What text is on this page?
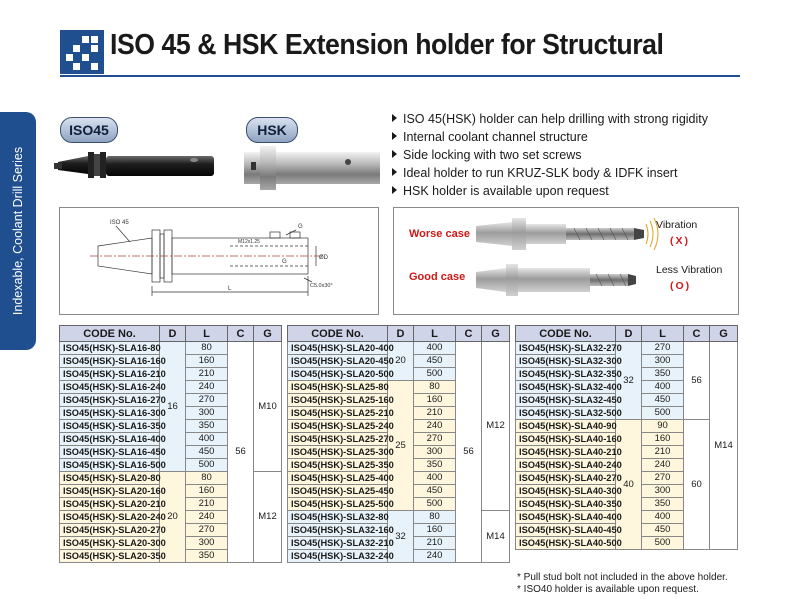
ISO 45 & HSK Extension holder for Structural
Indexable, Coolant Drill Series
ISO45	HSK
ISO 45(HSK) holder can help drilling with strong rigidity
Internal coolant channel structure
Side locking with two set screws
Ideal holder to run KRUZ-SLK body & IDFK insert
HSK holder is available upon request
ISO 45
G
M12x1.25
G
ØD
C5.0x30°
L
Worse case
Good case
Vibration
(X)
Less Vibration
(O)
CODE No.	D	L	C	G
ISO45(HSK)-SLA16-80	16	80	56	M10
ISO45(HSK)-SLA16-160		160		
ISO45(HSK)-SLA16-210		210		
ISO45(HSK)-SLA16-240		240		
ISO45(HSK)-SLA16-270		270		
ISO45(HSK)-SLA16-300		300		
ISO45(HSK)-SLA16-350		350		
ISO45(HSK)-SLA16-400		400		
ISO45(HSK)-SLA16-450		450		
ISO45(HSK)-SLA16-500		500		
ISO45(HSK)-SLA20-80	20	80		M12
ISO45(HSK)-SLA20-160		160		
ISO45(HSK)-SLA20-210		210		
ISO45(HSK)-SLA20-240		240		
ISO45(HSK)-SLA20-270		270		
ISO45(HSK)-SLA20-300		300		
ISO45(HSK)-SLA20-350		350		
CODE No.	D	L	C	G
ISO45(HSK)-SLA20-400	20	400	56	M12
ISO45(HSK)-SLA20-450		450		
ISO45(HSK)-SLA20-500		500		
ISO45(HSK)-SLA25-80	25	80		
ISO45(HSK)-SLA25-160		160		
ISO45(HSK)-SLA25-210		210		
ISO45(HSK)-SLA25-240		240		
ISO45(HSK)-SLA25-270		270		
ISO45(HSK)-SLA25-300		300		
ISO45(HSK)-SLA25-350		350		
ISO45(HSK)-SLA25-400		400		
ISO45(HSK)-SLA25-450		450		
ISO45(HSK)-SLA25-500		500		
ISO45(HSK)-SLA32-80	32	80		M14
ISO45(HSK)-SLA32-160		160		
ISO45(HSK)-SLA32-210		210		
ISO45(HSK)-SLA32-240		240		
CODE No.	D	L	C	G
ISO45(HSK)-SLA32-270	32	270	56	M14
ISO45(HSK)-SLA32-300		300		
ISO45(HSK)-SLA32-350		350		
ISO45(HSK)-SLA32-400		400		
ISO45(HSK)-SLA32-450		450		
ISO45(HSK)-SLA32-500		500		
ISO45(HSK)-SLA40-90	40	90	60	
ISO45(HSK)-SLA40-160		160		
ISO45(HSK)-SLA40-210		210		
ISO45(HSK)-SLA40-240		240		
ISO45(HSK)-SLA40-270		270		
ISO45(HSK)-SLA40-300		300		
ISO45(HSK)-SLA40-350		350		
ISO45(HSK)-SLA40-400		400		
ISO45(HSK)-SLA40-450		450		
ISO45(HSK)-SLA40-500		500		
* Pull stud bolt not included in the above holder.
* ISO40 holder is available upon request.
